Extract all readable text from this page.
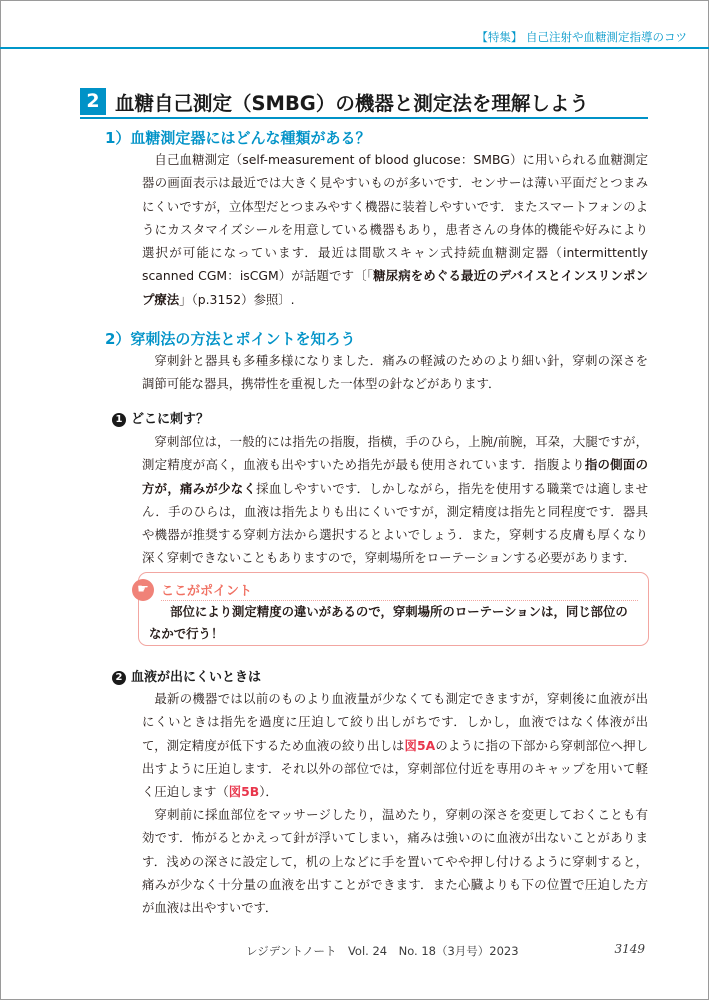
【特集】 自己注射や血糖測定指導のコツ
2 血糖自己測定（SMBG）の機器と測定法を理解しよう
1）血糖測定器にはどんな種類がある？

自己血糖測定（self-measurement of blood glucose：SMBG）に用いられる血糖測定器の画面表示は最近では大きく見やすいものが多いです．センサーは薄い平面だとつまみにくいですが，立体型だとつまみやすく機器に装着しやすいです．またスマートフォンのようにカスタマイズシールを用意している機器もあり，患者さんの身体的機能や好みにより選択が可能になっています．最近は間歇スキャン式持続血糖測定器（intermittently scanned CGM：isCGM）が話題です〔「糖尿病をめぐる最近のデバイスとインスリンポンプ療法」（p.3152）参照〕.

2）穿刺法の方法とポイントを知ろう

穿刺針と器具も多種多様になりました．痛みの軽減のためのより細い針，穿刺の深さを調節可能な器具，携帯性を重視した一体型の針などがあります．

1 どこに刺す？

穿刺部位は，一般的には指先の指腹，指横，手のひら，上腕/前腕，耳朶，大腿ですが，測定精度が高く，血液も出やすいため指先が最も使用されています．指腹より指の側面の方が，痛みが少なく採血しやすいです．しかしながら，指先を使用する職業では適しません．手のひらは，血液は指先よりも出にくいですが，測定精度は指先と同程度です．器具や機器が推奨する穿刺方法から選択するとよいでしょう．また，穿刺する皮膚も厚くなり深く穿刺できないこともありますので，穿刺場所をローテーションする必要があります．

☛ ここがポイント

部位により測定精度の違いがあるので，穿刺場所のローテーションは，同じ部位のなかで行う！

2 血液が出にくいときは

最新の機器では以前のものより血液量が少なくても測定できますが，穿刺後に血液が出にくいときは指先を過度に圧迫して絞り出しがちです．しかし，血液ではなく体液が出て，測定精度が低下するため血液の絞り出しは図5Aのように指の下部から穿刺部位へ押し出すように圧迫します．それ以外の部位では，穿刺部位付近を専用のキャップを用いて軽く圧迫します（図5B）．

穿刺前に採血部位をマッサージしたり，温めたり，穿刺の深さを変更しておくことも有効です．怖がるとかえって針が浮いてしまい，痛みは強いのに血液が出ないことがあります．浅めの深さに設定して，机の上などに手を置いてやや押し付けるように穿刺すると，痛みが少なく十分量の血液を出すことができます．また心臓よりも下の位置で圧迫した方が血液は出やすいです．

レジデントノート　Vol. 24　No. 18（3月号）2023	3149
